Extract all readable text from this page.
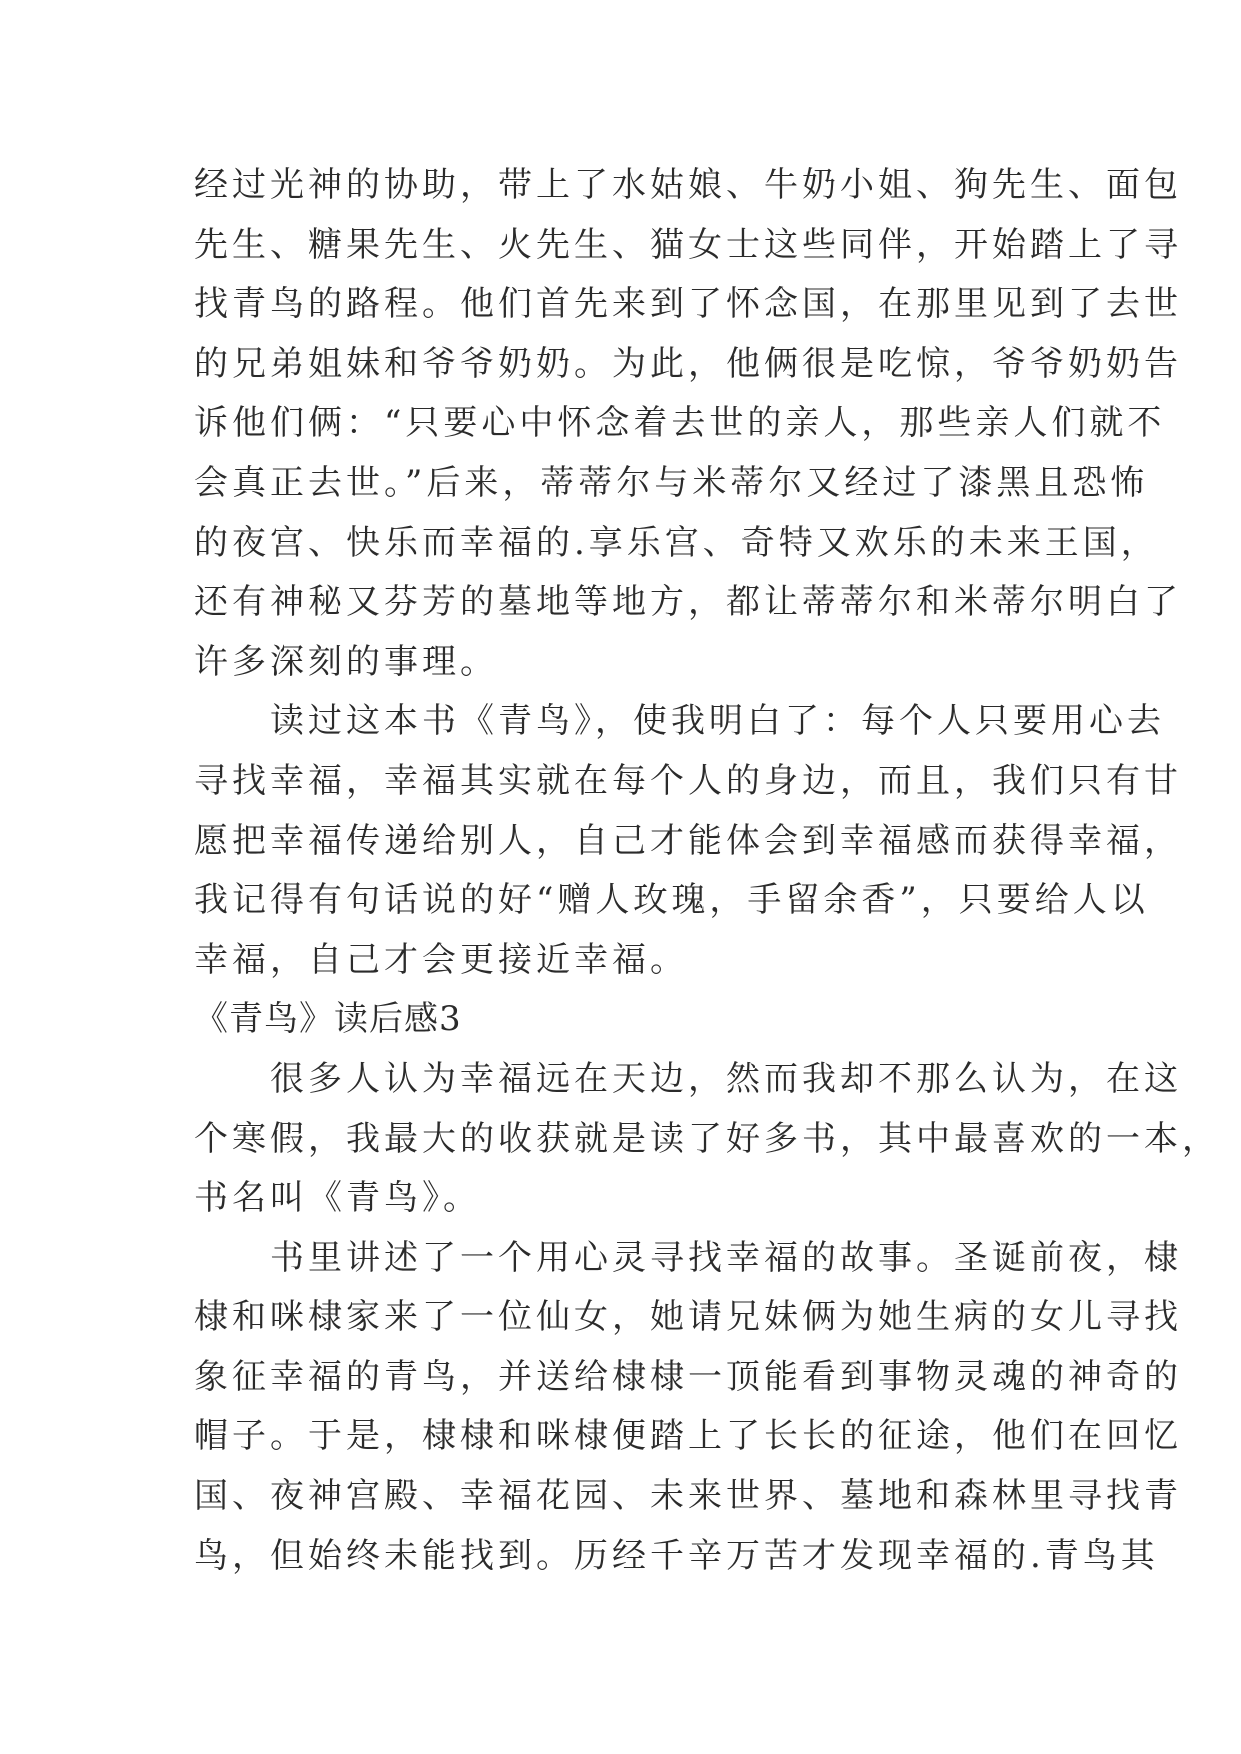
经过光神的协助，带上了水姑娘、牛奶小姐、狗先生、面包
先生、糖果先生、火先生、猫女士这些同伴，开始踏上了寻
找青鸟的路程。他们首先来到了怀念国，在那里见到了去世
的兄弟姐妹和爷爷奶奶。为此，他俩很是吃惊，爷爷奶奶告
诉他们俩：“只要心中怀念着去世的亲人，那些亲人们就不
会真正去世。”后来，蒂蒂尔与米蒂尔又经过了漆黑且恐怖
的夜宫、快乐而幸福的.享乐宫、奇特又欢乐的未来王国，
还有神秘又芬芳的墓地等地方，都让蒂蒂尔和米蒂尔明白了
许多深刻的事理。
　　读过这本书《青鸟》，使我明白了：每个人只要用心去
寻找幸福，幸福其实就在每个人的身边，而且，我们只有甘
愿把幸福传递给别人，自己才能体会到幸福感而获得幸福，
我记得有句话说的好“赠人玫瑰，手留余香”，只要给人以
幸福，自己才会更接近幸福。
《青鸟》读后感3
　　很多人认为幸福远在天边，然而我却不那么认为，在这
个寒假，我最大的收获就是读了好多书，其中最喜欢的一本，
书名叫《青鸟》。
　　书里讲述了一个用心灵寻找幸福的故事。圣诞前夜，棣
棣和咪棣家来了一位仙女，她请兄妹俩为她生病的女儿寻找
象征幸福的青鸟，并送给棣棣一顶能看到事物灵魂的神奇的
帽子。于是，棣棣和咪棣便踏上了长长的征途，他们在回忆
国、夜神宫殿、幸福花园、未来世界、墓地和森林里寻找青
鸟，但始终未能找到。历经千辛万苦才发现幸福的.青鸟其
